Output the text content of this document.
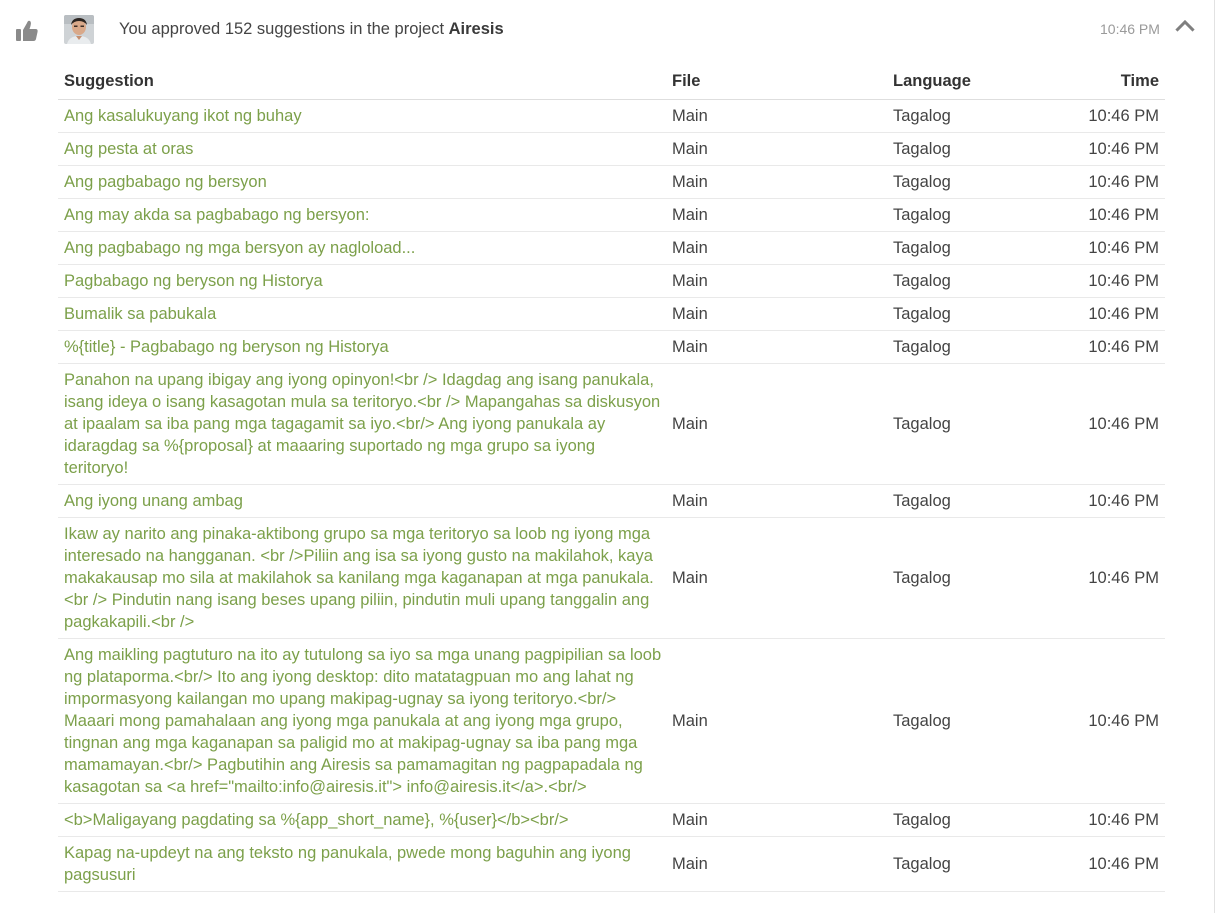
You approved 152 suggestions in the project Airesis	10:46 PM
Suggestion	File	Language	Time
Ang kasalukuyang ikot ng buhay	Main	Tagalog	10:46 PM
Ang pesta at oras	Main	Tagalog	10:46 PM
Ang pagbabago ng bersyon	Main	Tagalog	10:46 PM
Ang may akda sa pagbabago ng bersyon:	Main	Tagalog	10:46 PM
Ang pagbabago ng mga bersyon ay nagloload...	Main	Tagalog	10:46 PM
Pagbabago ng beryson ng Historya	Main	Tagalog	10:46 PM
Bumalik sa pabukala	Main	Tagalog	10:46 PM
%{title} - Pagbabago ng beryson ng Historya	Main	Tagalog	10:46 PM
Panahon na upang ibigay ang iyong opinyon!<br /> Idagdag ang isang panukala, isang ideya o isang kasagotan mula sa teritoryo.<br /> Mapangahas sa diskusyon at ipaalam sa iba pang mga tagagamit sa iyo.<br/> Ang iyong panukala ay idaragdag sa %{proposal} at maaaring suportado ng mga grupo sa iyong teritoryo!	Main	Tagalog	10:46 PM
Ang iyong unang ambag	Main	Tagalog	10:46 PM
Ikaw ay narito ang pinaka-aktibong grupo sa mga teritoryo sa loob ng iyong mga interesado na hangganan. <br />Piliin ang isa sa iyong gusto na makilahok, kaya makakausap mo sila at makilahok sa kanilang mga kaganapan at mga panukala.<br /> Pindutin nang isang beses upang piliin, pindutin muli upang tanggalin ang pagkakapili.<br />	Main	Tagalog	10:46 PM
Ang maikling pagtuturo na ito ay tutulong sa iyo sa mga unang pagpipilian sa loob ng plataporma.<br/> Ito ang iyong desktop: dito matatagpuan mo ang lahat ng impormasyong kailangan mo upang makipag-ugnay sa iyong teritoryo.<br/> Maaari mong pamahalaan ang iyong mga panukala at ang iyong mga grupo, tingnan ang mga kaganapan sa paligid mo at makipag-ugnay sa iba pang mga mamamayan.<br/> Pagbutihin ang Airesis sa pamamagitan ng pagpapadala ng kasagotan sa <a href="mailto:info@airesis.it"> info@airesis.it</a>.<br/>	Main	Tagalog	10:46 PM
<b>Maligayang pagdating sa %{app_short_name}, %{user}</b><br/>	Main	Tagalog	10:46 PM
Kapag na-updeyt na ang teksto ng panukala, pwede mong baguhin ang iyong pagsusuri	Main	Tagalog	10:46 PM
